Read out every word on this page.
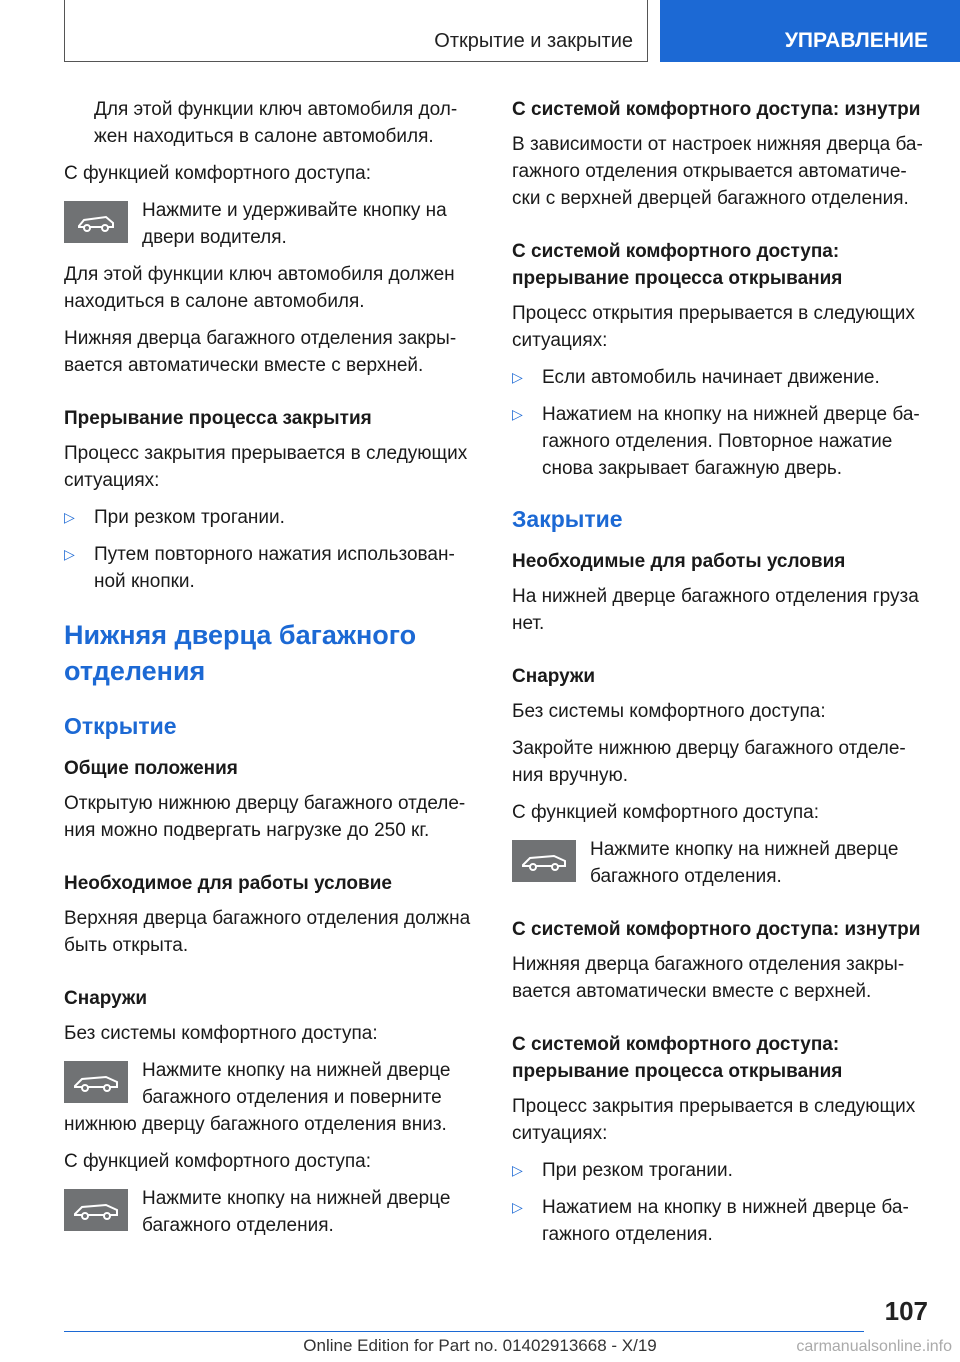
Открытие и закрытие	УПРАВЛЕНИЕ

Для этой функции ключ автомобиля дол‐жен находиться в салоне автомобиля.

С функцией комфортного доступа:

Нажмите и удерживайте кнопку на двери водителя.

Для этой функции ключ автомобиля должен находиться в салоне автомобиля.

Нижняя дверца багажного отделения закры‐вается автоматически вместе с верхней.

Прерывание процесса закрытия

Процесс закрытия прерывается в следующих ситуациях:

▷	При резком трогании.
▷	Путем повторного нажатия использован‐ной кнопки.
Нижняя дверца багажного отделения
Открытие
Общие положения

Открытую нижнюю дверцу багажного отделе‐ния можно подвергать нагрузке до 250 кг.

Необходимое для работы условие

Верхняя дверца багажного отделения должна быть открыта.

Снаружи

Без системы комфортного доступа:

Нажмите кнопку на нижней дверце багажного отделения и поверните нижнюю дверцу багажного отделения вниз.

С функцией комфортного доступа:

Нажмите кнопку на нижней дверце багажного отделения.

С системой комфортного доступа: изнутри

В зависимости от настроек нижняя дверца ба‐гажного отделения открывается автоматиче‐ски с верхней дверцей багажного отделения.

С системой комфортного доступа: прерывание процесса открывания

Процесс открытия прерывается в следующих ситуациях:

▷	Если автомобиль начинает движение.
▷	Нажатием на кнопку на нижней дверце ба‐гажного отделения. Повторное нажатие снова закрывает багажную дверь.
Закрытие
Необходимые для работы условия

На нижней дверце багажного отделения груза нет.

Снаружи

Без системы комфортного доступа:

Закройте нижнюю дверцу багажного отделе‐ния вручную.

С функцией комфортного доступа:

Нажмите кнопку на нижней дверце багажного отделения.

С системой комфортного доступа: изнутри

Нижняя дверца багажного отделения закры‐вается автоматически вместе с верхней.

С системой комфортного доступа: прерывание процесса открывания

Процесс закрытия прерывается в следующих ситуациях:

▷	При резком трогании.
▷	Нажатием на кнопку в нижней дверце ба‐гажного отделения.
107
Online Edition for Part no. 01402913668 - X/19	carmanualsonline.info
